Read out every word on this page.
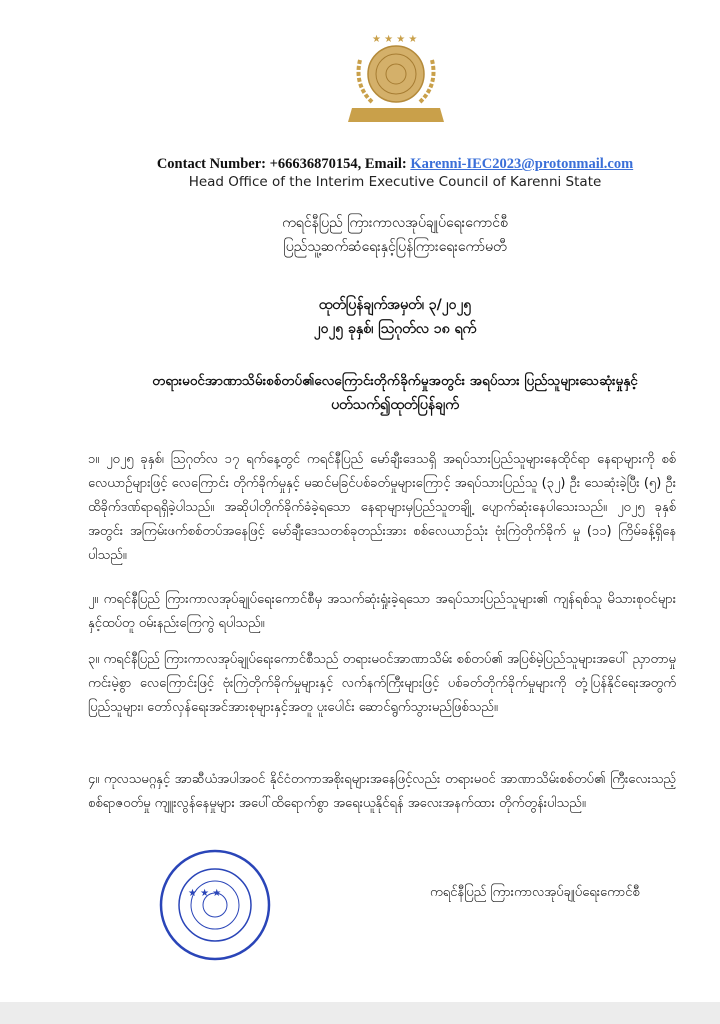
★ ★ ★ ★
Contact Number: +66636870154, Email: Karenni-IEC2023@protonmail.com
Head Office of the Interim Executive Council of Karenni State
ကရင်နီပြည် ကြားကာလအုပ်ချုပ်ရေးကောင်စီ
ပြည်သူ့ဆက်ဆံရေးနှင့်ပြန်ကြားရေးကော်မတီ
ထုတ်ပြန်ချက်အမှတ်၊ ၃/၂၀၂၅
၂၀၂၅ ခုနှစ်၊ ဩဂုတ်လ ၁၈ ရက်
တရားမဝင်အာဏာသိမ်းစစ်တပ်၏လေကြောင်းတိုက်ခိုက်မှုအတွင်း အရပ်သား ပြည်သူများသေဆုံးမှုနှင့်
ပတ်သက်၍ထုတ်ပြန်ချက်
၁။ ၂၀၂၅ ခုနှစ်၊ ဩဂုတ်လ ၁၇ ရက်နေ့တွင် ကရင်နီပြည် မော်ချီးဒေသရှိ အရပ်သားပြည်သူများနေထိုင်ရာ နေရာများကို စစ်လေယာဉ်များဖြင့် လေကြောင်း တိုက်ခိုက်မှုနှင့် မဆင်မခြင်ပစ်ခတ်မှုများကြောင့် အရပ်သားပြည်သူ (၃၂) ဦး သေဆုံးခဲ့ပြီး (၅) ဦး ထိခိုက်ဒဏ်ရာရရှိခဲ့ပါသည်။ အဆိုပါတိုက်ခိုက်ခံခဲ့ရသော နေရာများမှပြည်သူတချို့ ပျောက်ဆုံးနေပါသေးသည်။ ၂၀၂၅ ခုနှစ်အတွင်း အကြမ်းဖက်စစ်တပ်အနေဖြင့် မော်ချီးဒေသတစ်ခုတည်းအား စစ်လေယာဉ်သုံး ဗုံးကြဲတိုက်ခိုက် မှု (၁၁) ကြိမ်ခန့်ရှိနေပါသည်။
၂။ ကရင်နီပြည် ကြားကာလအုပ်ချုပ်ရေးကောင်စီမှ အသက်ဆုံးရှုံးခဲ့ရသော အရပ်သားပြည်သူများ၏ ကျန်ရစ်သူ မိသားစုဝင်များနှင့်ထပ်တူ ဝမ်းနည်းကြေကွဲ ရပါသည်။
၃။ ကရင်နီပြည် ကြားကာလအုပ်ချုပ်ရေးကောင်စီသည် တရားမဝင်အာဏာသိမ်း စစ်တပ်၏ အပြစ်မဲ့ပြည်သူများအပေါ် ညှာတာမှုကင်းမဲ့စွာ လေကြောင်းဖြင့် ဗုံးကြဲတိုက်ခိုက်မှုများနှင့် လက်နက်ကြီးများဖြင့် ပစ်ခတ်တိုက်ခိုက်မှုများကို တုံ့ပြန်နိုင်ရေးအတွက် ပြည်သူများ၊ တော်လှန်ရေးအင်အားစုများနှင့်အတူ ပူးပေါင်း ဆောင်ရွက်သွားမည်ဖြစ်သည်။
၄။ ကုလသမဂ္ဂနှင့် အာဆီယံအပါအဝင် နိုင်ငံတကာအစိုးရများအနေဖြင့်လည်း တရားမဝင် အာဏာသိမ်းစစ်တပ်၏ ကြီးလေးသည့် စစ်ရာဇဝတ်မှု ကျူးလွန်နေမှုများ အပေါ်ထိရောက်စွာ အရေးယူနိုင်ရန် အလေးအနက်ထား တိုက်တွန်းပါသည်။
★ ★ ★	ကရင်နီပြည် ကြားကာလအုပ်ချုပ်ရေးကောင်စီ
